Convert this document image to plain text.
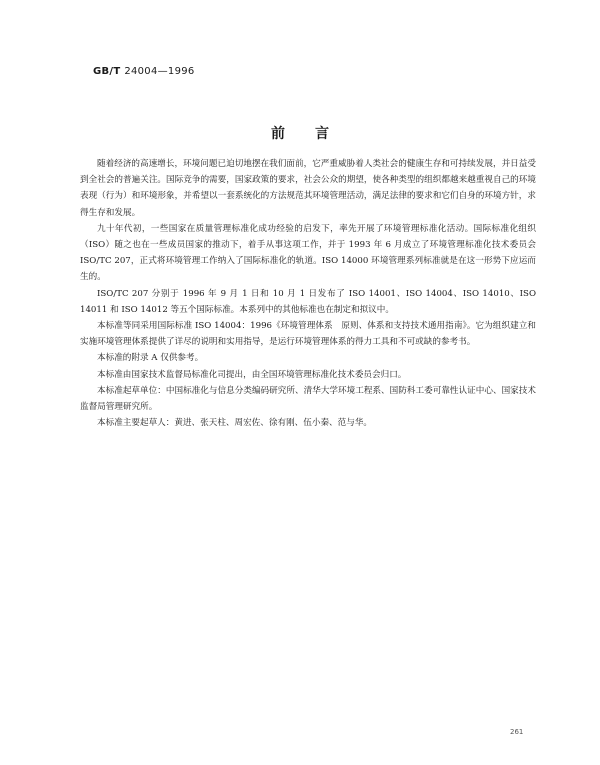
GB/T 24004—1996
前言

随着经济的高速增长，环境问题已迫切地摆在我们面前，它严重威胁着人类社会的健康生存和可持续发展，并日益受到全社会的普遍关注。国际竞争的需要，国家政策的要求，社会公众的期望，使各种类型的组织都越来越重视自己的环境表现（行为）和环境形象，并希望以一套系统化的方法规范其环境管理活动，满足法律的要求和它们自身的环境方针，求得生存和发展。

九十年代初，一些国家在质量管理标准化成功经验的启发下，率先开展了环境管理标准化活动。国际标准化组织（ISO）随之也在一些成员国家的推动下，着手从事这项工作，并于 1993 年 6 月成立了环境管理标准化技术委员会 ISO/TC 207，正式将环境管理工作纳入了国际标准化的轨道。ISO 14000 环境管理系列标准就是在这一形势下应运而生的。

ISO/TC 207 分别于 1996 年 9 月 1 日和 10 月 1 日发布了 ISO 14001、ISO 14004、ISO 14010、ISO 14011 和 ISO 14012 等五个国际标准。本系列中的其他标准也在制定和拟议中。

本标准等同采用国际标准 ISO 14004：1996《环境管理体系　原则、体系和支持技术通用指南》。它为组织建立和实施环境管理体系提供了详尽的说明和实用指导，是运行环境管理体系的得力工具和不可或缺的参考书。

本标准的附录 A 仅供参考。

本标准由国家技术监督局标准化司提出，由全国环境管理标准化技术委员会归口。

本标准起草单位：中国标准化与信息分类编码研究所、清华大学环境工程系、国防科工委可靠性认证中心、国家技术监督局管理研究所。

本标准主要起草人：黄进、张天柱、周宏佐、徐有刚、伍小秦、范与华。

261
